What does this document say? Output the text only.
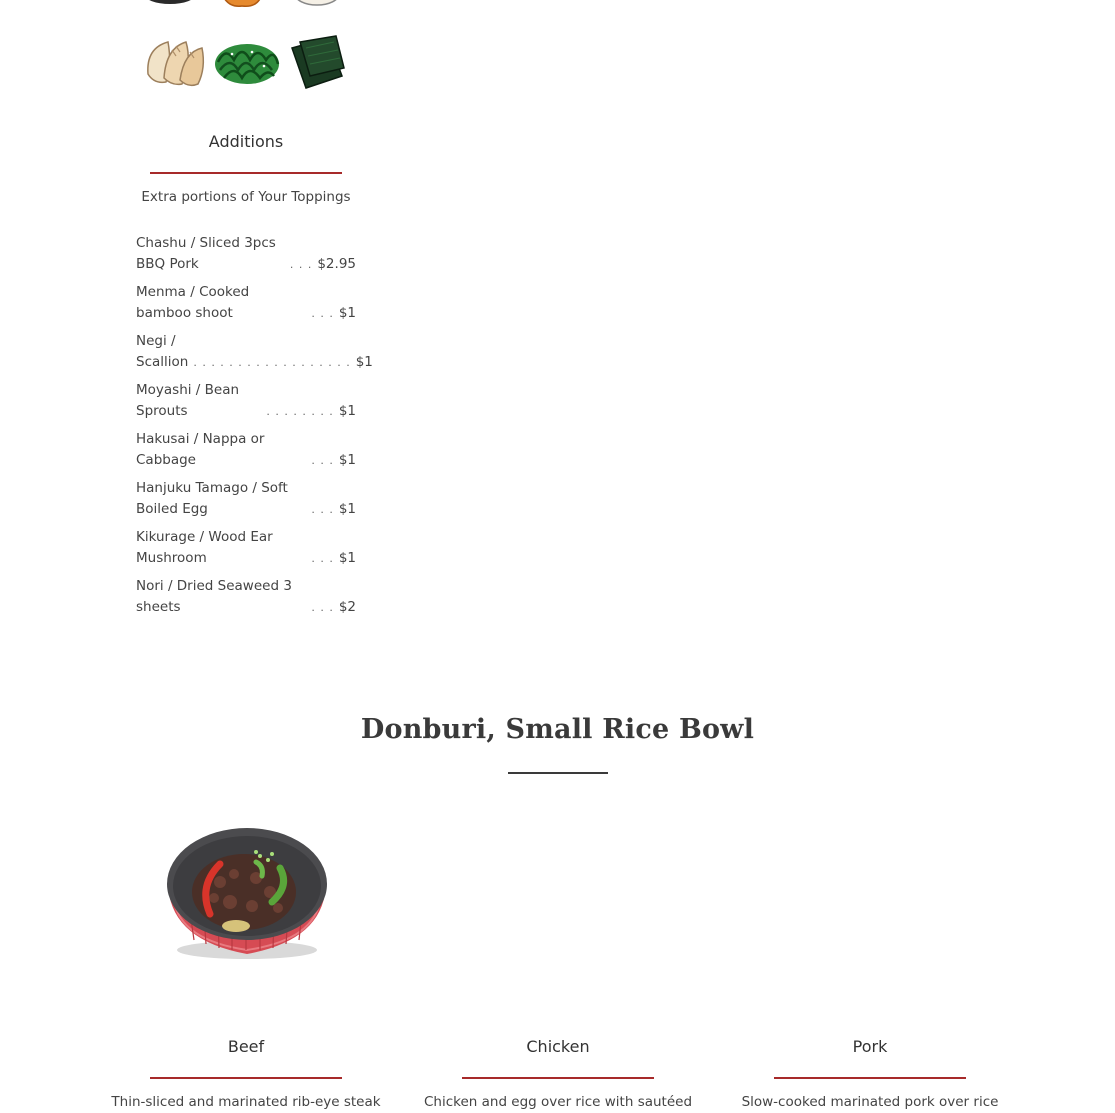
Additions
Extra portions of Your Toppings
Chashu / Sliced 3pcs BBQ Pork	. . . $2.95
Menma / Cooked bamboo shoot	. . . $1
Negi / Scallion . . . . . . . . . . . . . . . . . . $1
Moyashi / Bean Sprouts	. . . . . . . . $1
Hakusai / Nappa or Cabbage	. . . $1
Hanjuku Tamago / Soft Boiled Egg	. . . $1
Kikurage / Wood Ear Mushroom	. . . $1
Nori / Dried Seaweed 3 sheets	. . . $2
Donburi, Small Rice Bowl
Beef
Thin-sliced and marinated rib-eye steak
Chicken
Chicken and egg over rice with sautéed
Pork
Slow-cooked marinated pork over rice
